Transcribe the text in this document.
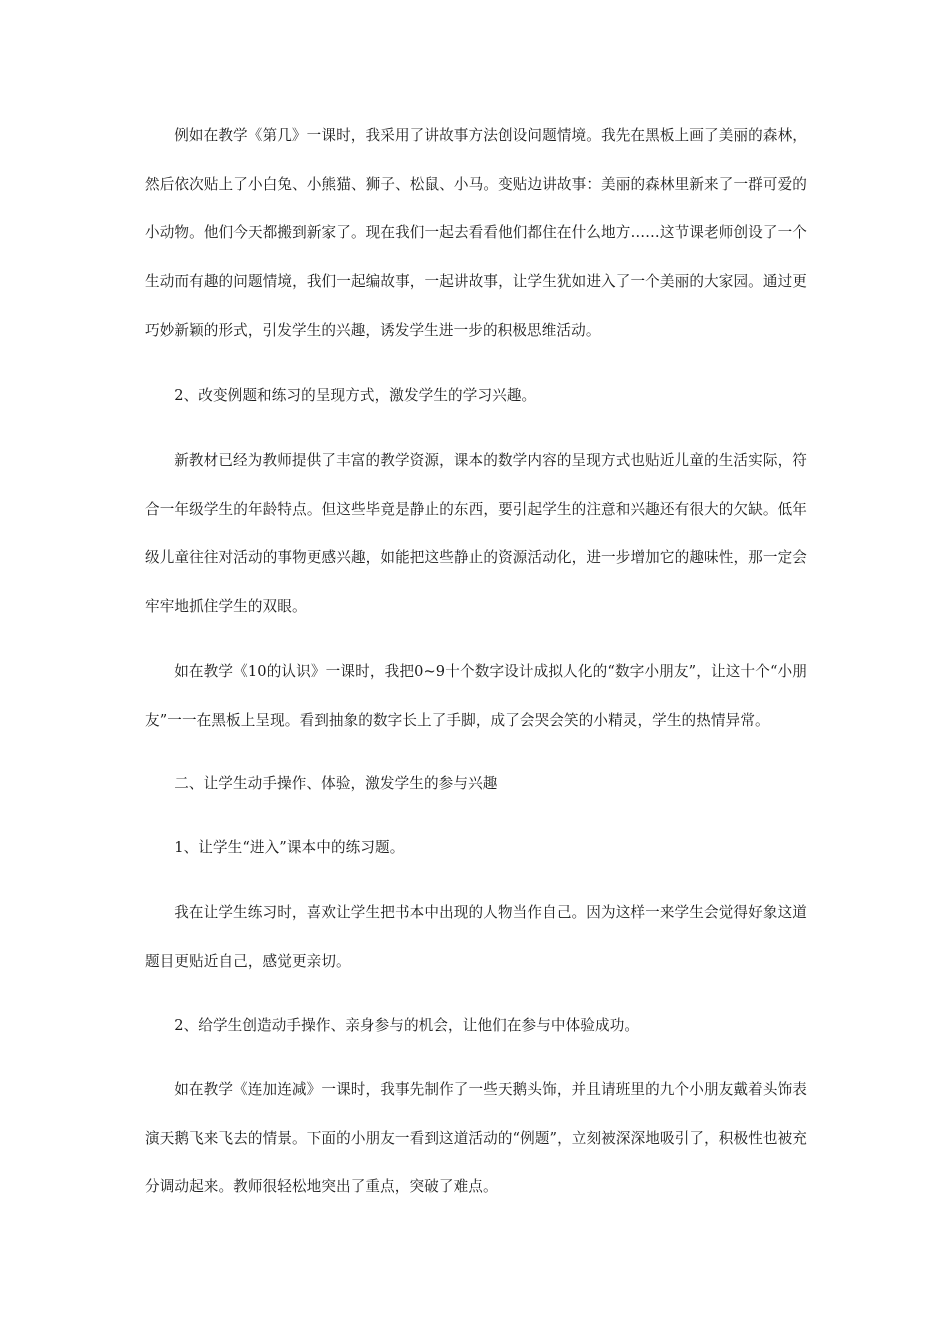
例如在教学《第几》一课时，我采用了讲故事方法创设问题情境。我先在黑板上画了美丽的森林，然后依次贴上了小白兔、小熊猫、狮子、松鼠、小马。变贴边讲故事：美丽的森林里新来了一群可爱的小动物。他们今天都搬到新家了。现在我们一起去看看他们都住在什么地方……这节课老师创设了一个生动而有趣的问题情境，我们一起编故事，一起讲故事，让学生犹如进入了一个美丽的大家园。通过更巧妙新颖的形式，引发学生的兴趣，诱发学生进一步的积极思维活动。

2、改变例题和练习的呈现方式，激发学生的学习兴趣。

新教材已经为教师提供了丰富的教学资源，课本的数学内容的呈现方式也贴近儿童的生活实际，符合一年级学生的年龄特点。但这些毕竟是静止的东西，要引起学生的注意和兴趣还有很大的欠缺。低年级儿童往往对活动的事物更感兴趣，如能把这些静止的资源活动化，进一步增加它的趣味性，那一定会牢牢地抓住学生的双眼。

如在教学《10的认识》一课时，我把0~9十个数字设计成拟人化的“数字小朋友”，让这十个“小朋友”一一在黑板上呈现。看到抽象的数字长上了手脚，成了会哭会笑的小精灵，学生的热情异常。

二、让学生动手操作、体验，激发学生的参与兴趣

1、让学生“进入”课本中的练习题。

我在让学生练习时，喜欢让学生把书本中出现的人物当作自己。因为这样一来学生会觉得好象这道题目更贴近自己，感觉更亲切。

2、给学生创造动手操作、亲身参与的机会，让他们在参与中体验成功。

如在教学《连加连减》一课时，我事先制作了一些天鹅头饰，并且请班里的九个小朋友戴着头饰表演天鹅飞来飞去的情景。下面的小朋友一看到这道活动的“例题”，立刻被深深地吸引了，积极性也被充分调动起来。教师很轻松地突出了重点，突破了难点。
